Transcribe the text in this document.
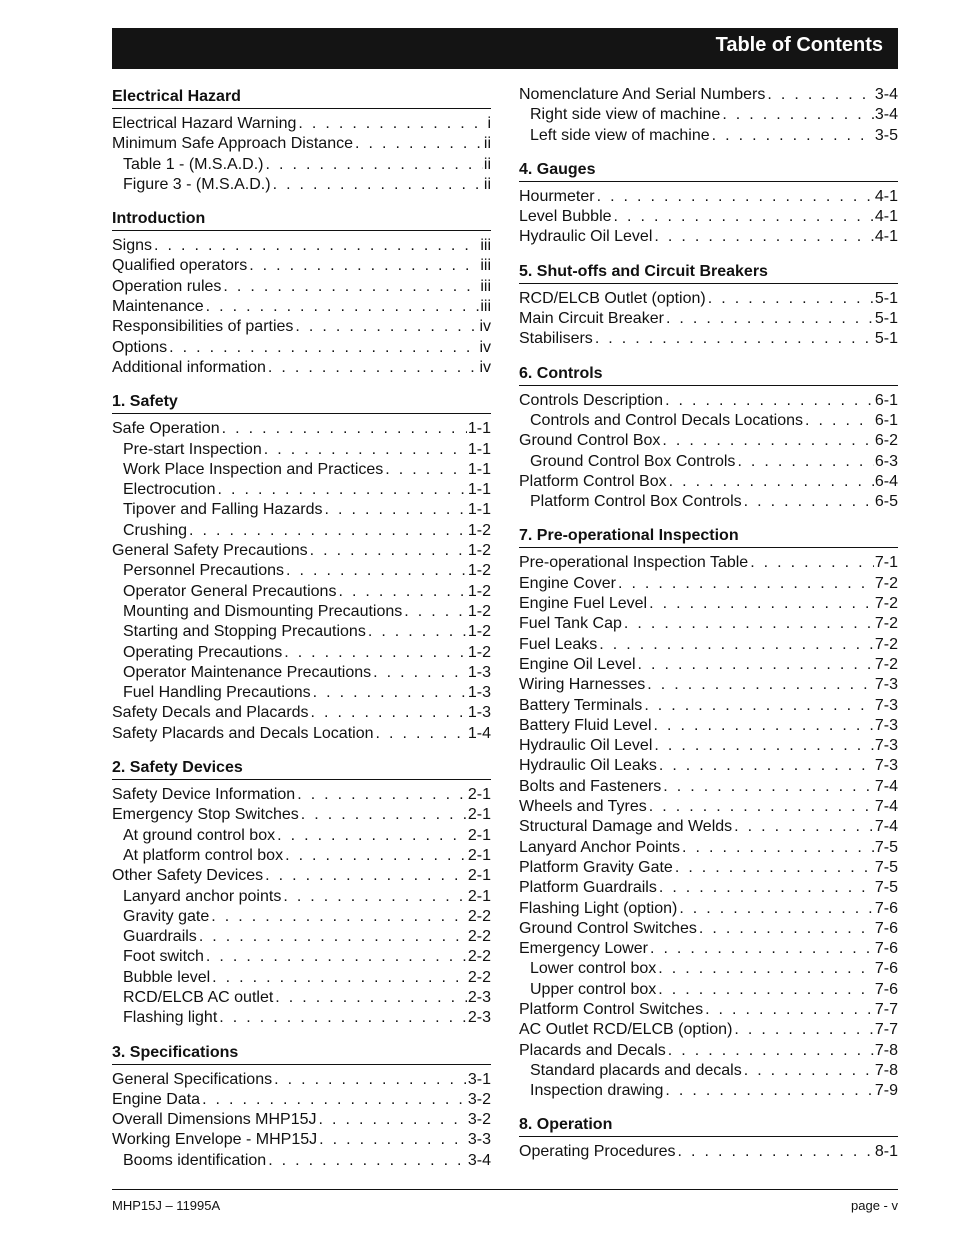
Table of Contents
Electrical Hazard
Electrical Hazard Warning . . .	i
Minimum Safe Approach Distance . . .	ii
Table 1 - (M.S.A.D.) . . .	ii
Figure 3 - (M.S.A.D.) . . .	ii
Introduction
Signs . . .	iii
Qualified operators . . .	iii
Operation rules . . .	iii
Maintenance . . .	iii
Responsibilities of parties . . .	iv
Options . . .	iv
Additional information . . .	iv
1. Safety
Safe Operation . . .	1-1
Pre-start Inspection . . .	1-1
Work Place Inspection and Practices . . .	1-1
Electrocution . . .	1-1
Tipover and Falling Hazards . . .	1-1
Crushing . . .	1-2
General Safety Precautions . . .	1-2
Personnel Precautions . . .	1-2
Operator General Precautions . . .	1-2
Mounting and Dismounting Precautions . . .	1-2
Starting and Stopping Precautions . . .	1-2
Operating Precautions . . .	1-2
Operator Maintenance Precautions . . .	1-3
Fuel Handling Precautions . . .	1-3
Safety Decals and Placards . . .	1-3
Safety Placards and Decals Location . . .	1-4
2. Safety Devices
Safety Device Information . . .	2-1
Emergency Stop Switches . . .	2-1
At ground control box . . .	2-1
At platform control box . . .	2-1
Other Safety Devices . . .	2-1
Lanyard anchor points . . .	2-1
Gravity gate . . .	2-2
Guardrails . . .	2-2
Foot switch . . .	2-2
Bubble level . . .	2-2
RCD/ELCB AC outlet . . .	2-3
Flashing light . . .	2-3
3. Specifications
General Specifications . . .	3-1
Engine Data . . .	3-2
Overall Dimensions MHP15J . . .	3-2
Working Envelope - MHP15J . . .	3-3
Booms identification . . .	3-4
Nomenclature And Serial Numbers . . .	3-4
Right side view of machine . . .	3-4
Left side view of machine . . .	3-5
4. Gauges
Hourmeter . . .	4-1
Level Bubble . . .	4-1
Hydraulic Oil Level . . .	4-1
5. Shut-offs and Circuit Breakers
RCD/ELCB Outlet (option) . . .	5-1
Main Circuit Breaker . . .	5-1
Stabilisers . . .	5-1
6. Controls
Controls Description . . .	6-1
Controls and Control Decals Locations . . .	6-1
Ground Control Box . . .	6-2
Ground Control Box Controls . . .	6-3
Platform Control Box . . .	6-4
Platform Control Box Controls . . .	6-5
7. Pre-operational Inspection
Pre-operational Inspection Table . . .	7-1
Engine Cover . . .	7-2
Engine Fuel Level . . .	7-2
Fuel Tank Cap . . .	7-2
Fuel Leaks . . .	7-2
Engine Oil Level . . .	7-2
Wiring Harnesses . . .	7-3
Battery Terminals . . .	7-3
Battery Fluid Level . . .	7-3
Hydraulic Oil Level . . .	7-3
Hydraulic Oil Leaks . . .	7-3
Bolts and Fasteners . . .	7-4
Wheels and Tyres . . .	7-4
Structural Damage and Welds . . .	7-4
Lanyard Anchor Points . . .	7-5
Platform Gravity Gate . . .	7-5
Platform Guardrails . . .	7-5
Flashing Light (option) . . .	7-6
Ground Control Switches . . .	7-6
Emergency Lower . . .	7-6
Lower control box . . .	7-6
Upper control box . . .	7-6
Platform Control Switches . . .	7-7
AC Outlet RCD/ELCB (option) . . .	7-7
Placards and Decals . . .	7-8
Standard placards and decals . . .	7-8
Inspection drawing . . .	7-9
8. Operation
Operating Procedures . . .	8-1
MHP15J – 11995A	page - v
